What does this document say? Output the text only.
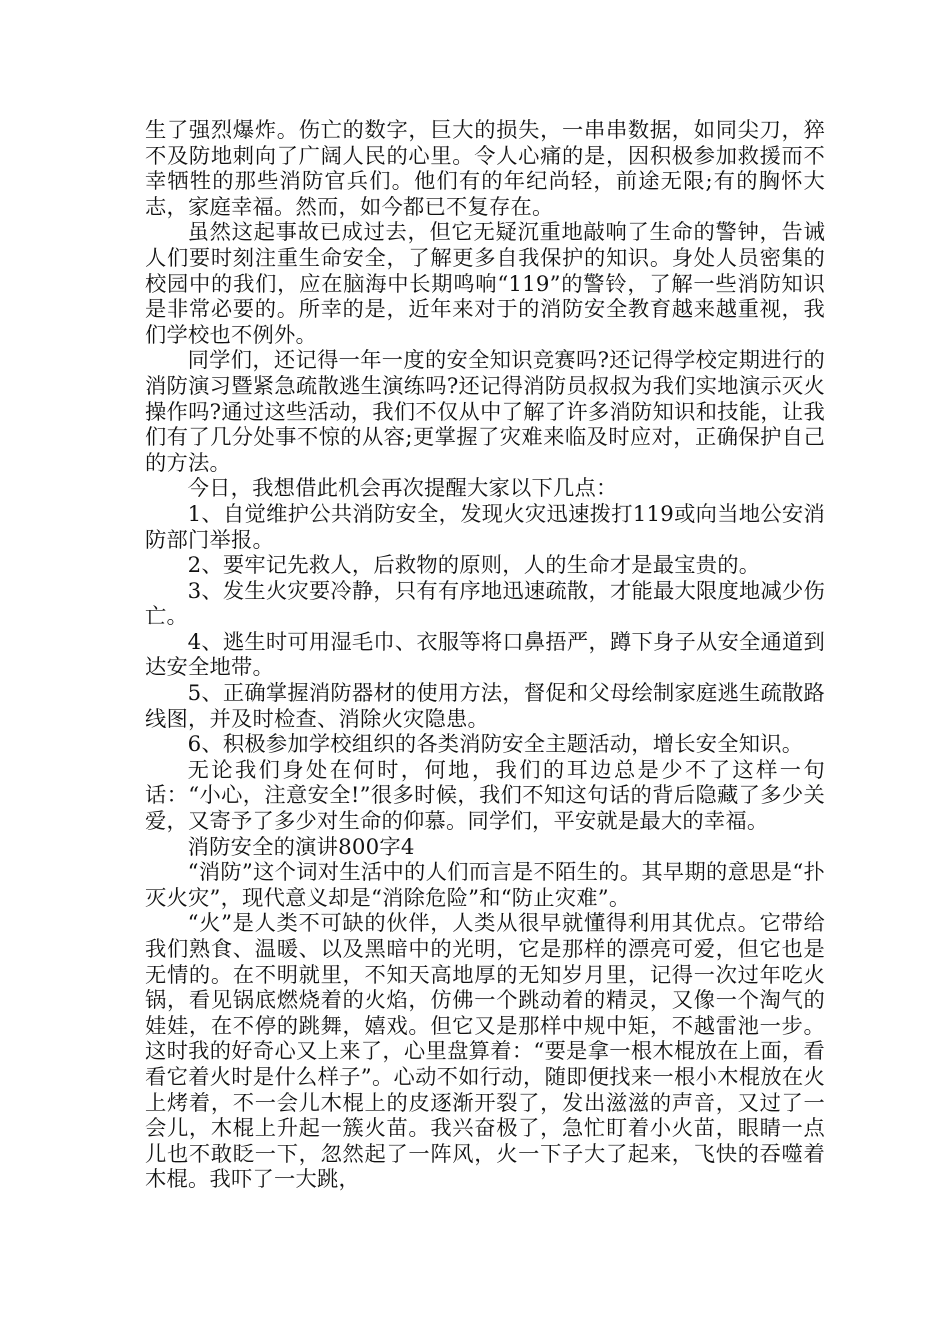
生了强烈爆炸。伤亡的数字，巨大的损失，一串串数据，如同尖刀，猝不及防地刺向了广阔人民的心里。令人心痛的是，因积极参加救援而不幸牺牲的那些消防官兵们。他们有的年纪尚轻，前途无限;有的胸怀大志，家庭幸福。然而，如今都已不复存在。

虽然这起事故已成过去，但它无疑沉重地敲响了生命的警钟，告诫人们要时刻注重生命安全，了解更多自我保护的知识。身处人员密集的校园中的我们，应在脑海中长期鸣响“119”的警铃，了解一些消防知识是非常必要的。所幸的是，近年来对于的消防安全教育越来越重视，我们学校也不例外。

同学们，还记得一年一度的安全知识竞赛吗?还记得学校定期进行的消防演习暨紧急疏散逃生演练吗?还记得消防员叔叔为我们实地演示灭火操作吗?通过这些活动，我们不仅从中了解了许多消防知识和技能，让我们有了几分处事不惊的从容;更掌握了灾难来临及时应对，正确保护自己的方法。

今日，我想借此机会再次提醒大家以下几点：

1、自觉维护公共消防安全，发现火灾迅速拨打119或向当地公安消防部门举报。

2、要牢记先救人，后救物的原则，人的生命才是最宝贵的。

3、发生火灾要冷静，只有有序地迅速疏散，才能最大限度地减少伤亡。

4、逃生时可用湿毛巾、衣服等将口鼻捂严，蹲下身子从安全通道到达安全地带。

5、正确掌握消防器材的使用方法，督促和父母绘制家庭逃生疏散路线图，并及时检查、消除火灾隐患。

6、积极参加学校组织的各类消防安全主题活动，增长安全知识。

无论我们身处在何时，何地，我们的耳边总是少不了这样一句话：“小心，注意安全!”很多时候，我们不知这句话的背后隐藏了多少关爱，又寄予了多少对生命的仰慕。同学们，平安就是最大的幸福。

消防安全的演讲800字4

“消防”这个词对生活中的人们而言是不陌生的。其早期的意思是“扑灭火灾”，现代意义却是“消除危险”和“防止灾难”。

“火”是人类不可缺的伙伴，人类从很早就懂得利用其优点。它带给我们熟食、温暖、以及黑暗中的光明，它是那样的漂亮可爱，但它也是无情的。在不明就里，不知天高地厚的无知岁月里，记得一次过年吃火锅，看见锅底燃烧着的火焰，仿佛一个跳动着的精灵，又像一个淘气的娃娃，在不停的跳舞，嬉戏。但它又是那样中规中矩，不越雷池一步。这时我的好奇心又上来了，心里盘算着：“要是拿一根木棍放在上面，看看它着火时是什么样子”。心动不如行动，随即便找来一根小木棍放在火上烤着，不一会儿木棍上的皮逐渐开裂了，发出滋滋的声音，又过了一会儿，木棍上升起一簇火苗。我兴奋极了，急忙盯着小火苗，眼睛一点儿也不敢眨一下，忽然起了一阵风，火一下子大了起来，飞快的吞噬着木棍。我吓了一大跳，
